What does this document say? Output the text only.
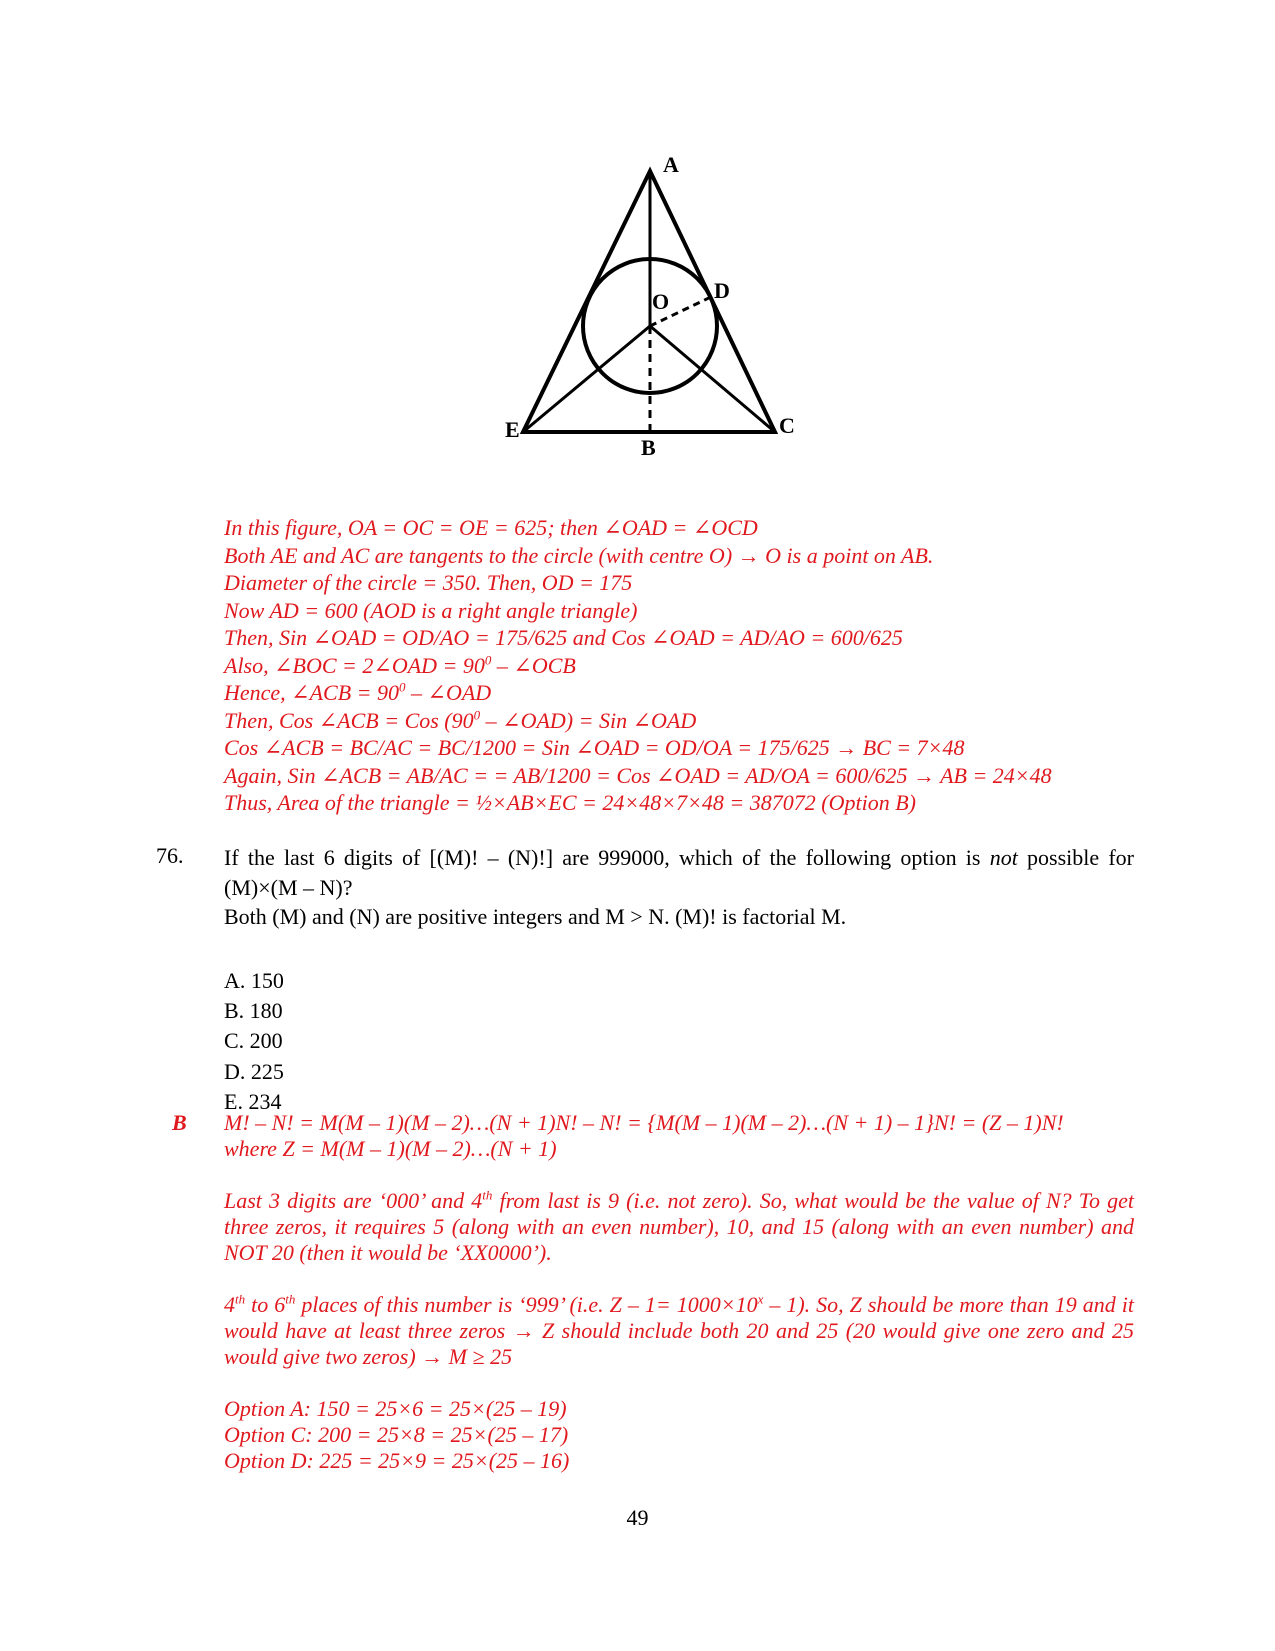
A
D
O
E	C
B
In this figure, OA = OC = OE = 625; then ∠OAD = ∠OCD
Both AE and AC are tangents to the circle (with centre O) → O is a point on AB.
Diameter of the circle = 350. Then, OD = 175
Now AD = 600 (AOD is a right angle triangle)
Then, Sin ∠OAD = OD/AO = 175/625 and Cos ∠OAD = AD/AO = 600/625
Also, ∠BOC = 2∠OAD = $90^0$ – ∠OCB
Hence, ∠ACB = $90^0$ – ∠OAD
Then, Cos ∠ACB = Cos ($90^0$ – ∠OAD) = Sin ∠OAD
Cos ∠ACB = BC/AC = BC/1200 = Sin ∠OAD = OD/OA = 175/625 → BC = 7×48
Again, Sin ∠ACB = AB/AC = = AB/1200 = Cos ∠OAD = AD/OA = 600/625 → AB = 24×48
Thus, Area of the triangle = ½×AB×EC = 24×48×7×48 = 387072 (Option B)
76. If the last 6 digits of [(M)! – (N)!] are 999000, which of the following option is not possible for (M)×(M – N)?
Both (M) and (N) are positive integers and M > N. (M)! is factorial M.
A. 150
B. 180
C. 200
D. 225
E. 234
B M! – N! = M(M – 1)(M – 2)…(N + 1)N! – N! = {M(M – 1)(M – 2)…(N + 1) – 1}N! = (Z – 1)N!
where Z = M(M – 1)(M – 2)…(N + 1)
Last 3 digits are ‘000’ and 4th from last is 9 (i.e. not zero). So, what would be the value of N? To get three zeros, it requires 5 (along with an even number), 10, and 15 (along with an even number) and NOT 20 (then it would be ‘XX0000’).
4th to 6th places of this number is ‘999’ (i.e. $Z - 1= 1000\times 10^x - 1$). So, Z should be more than 19 and it would have at least three zeros → Z should include both 20 and 25 (20 would give one zero and 25 would give two zeros) → M ≥ 25
Option A: 150 = 25×6 = 25×(25 – 19)
Option C: 200 = 25×8 = 25×(25 – 17)
Option D: 225 = 25×9 = 25×(25 – 16)
49
